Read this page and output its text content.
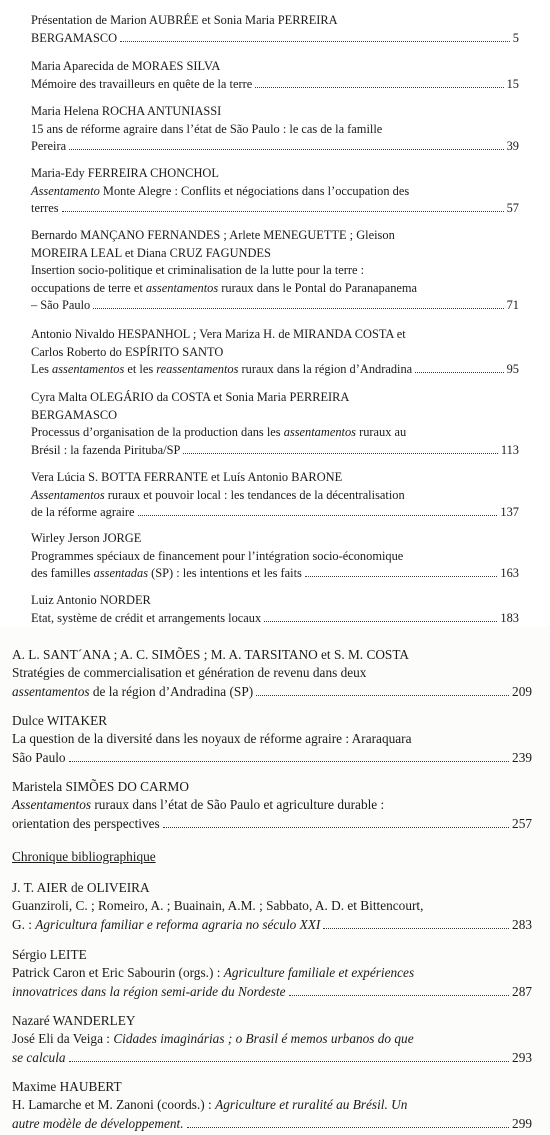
Présentation de Marion AUBRÉE et Sonia Maria PERREIRA
BERGAMASCO	5
Maria Aparecida de MORAES SILVA
Mémoire des travailleurs en quête de la terre	15
Maria Helena ROCHA ANTUNIASSI
15 ans de réforme agraire dans l’état de São Paulo : le cas de la famille
Pereira	39
Maria-Edy FERREIRA CHONCHOL
Assentamento Monte Alegre : Conflits et négociations dans l’occupation des
terres	57
Bernardo MANÇANO FERNANDES ; Arlete MENEGUETTE ; Gleison
MOREIRA LEAL et Diana CRUZ FAGUNDES
Insertion socio-politique et criminalisation de la lutte pour la terre :
occupations de terre et assentamentos ruraux dans le Pontal do Paranapanema
– São Paulo	71
Antonio Nivaldo HESPANHOL ; Vera Mariza H. de MIRANDA COSTA et
Carlos Roberto do ESPÍRITO SANTO
Les assentamentos et les reassentamentos ruraux dans la région d’Andradina	95
Cyra Malta OLEGÁRIO da COSTA et Sonia Maria PERREIRA
BERGAMASCO
Processus d’organisation de la production dans les assentamentos ruraux au
Brésil : la fazenda Pirituba/SP	113
Vera Lúcia S. BOTTA FERRANTE et Luís Antonio BARONE
Assentamentos ruraux et pouvoir local : les tendances de la décentralisation
de la réforme agraire	137
Wirley Jerson JORGE
Programmes spéciaux de financement pour l’intégration socio-économique
des familles assentadas (SP) : les intentions et les faits	163
Luiz Antonio NORDER
Etat, système de crédit et arrangements locaux	183
A. L. SANT´ANA ; A. C. SIMÕES ; M. A. TARSITANO et S. M. COSTA
Stratégies de commercialisation et génération de revenu dans deux
assentamentos de la région d’Andradina (SP)	209
Dulce WITAKER
La question de la diversité dans les noyaux de réforme agraire : Araraquara
São Paulo	239
Maristela SIMÕES DO CARMO
Assentamentos ruraux dans l’état de São Paulo et agriculture durable :
orientation des perspectives	257
Chronique bibliographique
J. T. AIER de OLIVEIRA
Guanziroli, C. ; Romeiro, A. ; Buainain, A.M. ; Sabbato, A. D. et Bittencourt,
G. : Agricultura familiar e reforma agraria no século XXI	283
Sérgio LEITE
Patrick Caron et Eric Sabourin (orgs.) : Agriculture familiale et expériences
innovatrices dans la région semi-aride du Nordeste	287
Nazaré WANDERLEY
José Eli da Veiga : Cidades imaginárias ; o Brasil é memos urbanos do que
se calcula	293
Maxime HAUBERT
H. Lamarche et M. Zanoni (coords.) : Agriculture et ruralité au Brésil. Un
autre modèle de développement.	299
